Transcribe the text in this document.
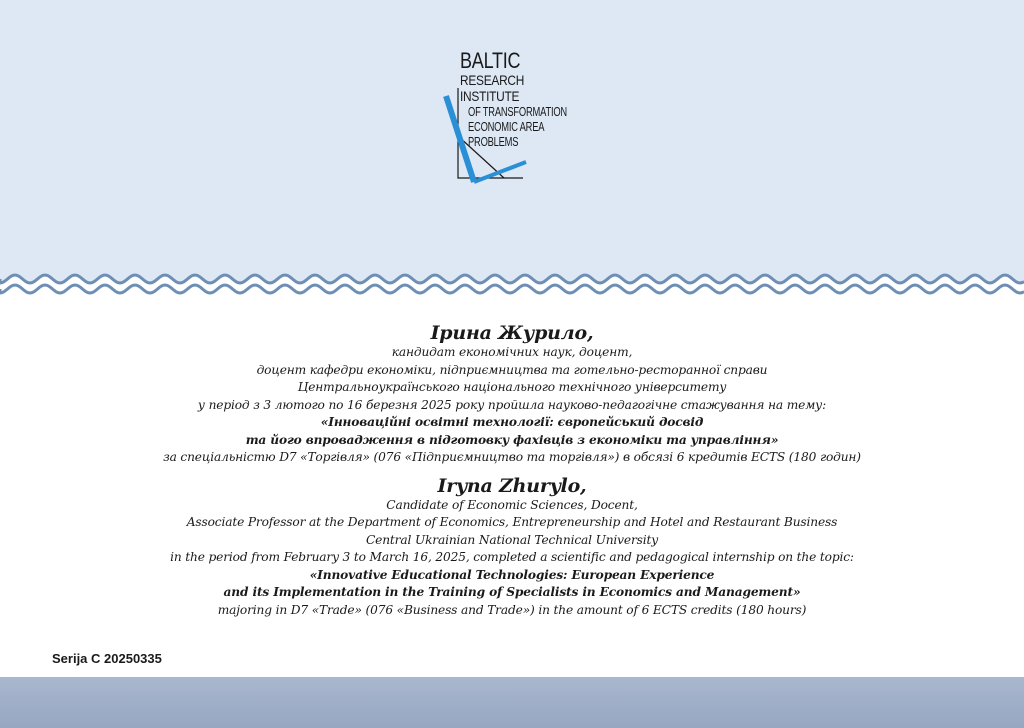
BALTIC
RESEARCH
INSTITUTE
OF TRANSFORMATION
ECONOMIC AREA
PROBLEMS
Ірина Журило,
кандидат економічних наук, доцент,
доцент кафедри економіки, підприємництва та готельно-ресторанної справи
Центральноукраїнського національного технічного університету
у період з 3 лютого по 16 березня 2025 року пройшла науково-педагогічне стажування на тему:
«Інноваційні освітні технології: європейський досвід
та його впровадження в підготовку фахівців з економіки та управління»
за спеціальністю D7 «Торгівля» (076 «Підприємництво та торгівля») в обсязі 6 кредитів ECTS (180 годин)
Iryna Zhurylo,
Candidate of Economic Sciences, Docent,
Associate Professor at the Department of Economics, Entrepreneurship and Hotel and Restaurant Business
Central Ukrainian National Technical University
in the period from February 3 to March 16, 2025, completed a scientific and pedagogical internship on the topic:
«Innovative Educational Technologies: European Experience
and its Implementation in the Training of Specialists in Economics and Management»
majoring in D7 «Trade» (076 «Business and Trade») in the amount of 6 ECTS credits (180 hours)
Serija C 20250335
